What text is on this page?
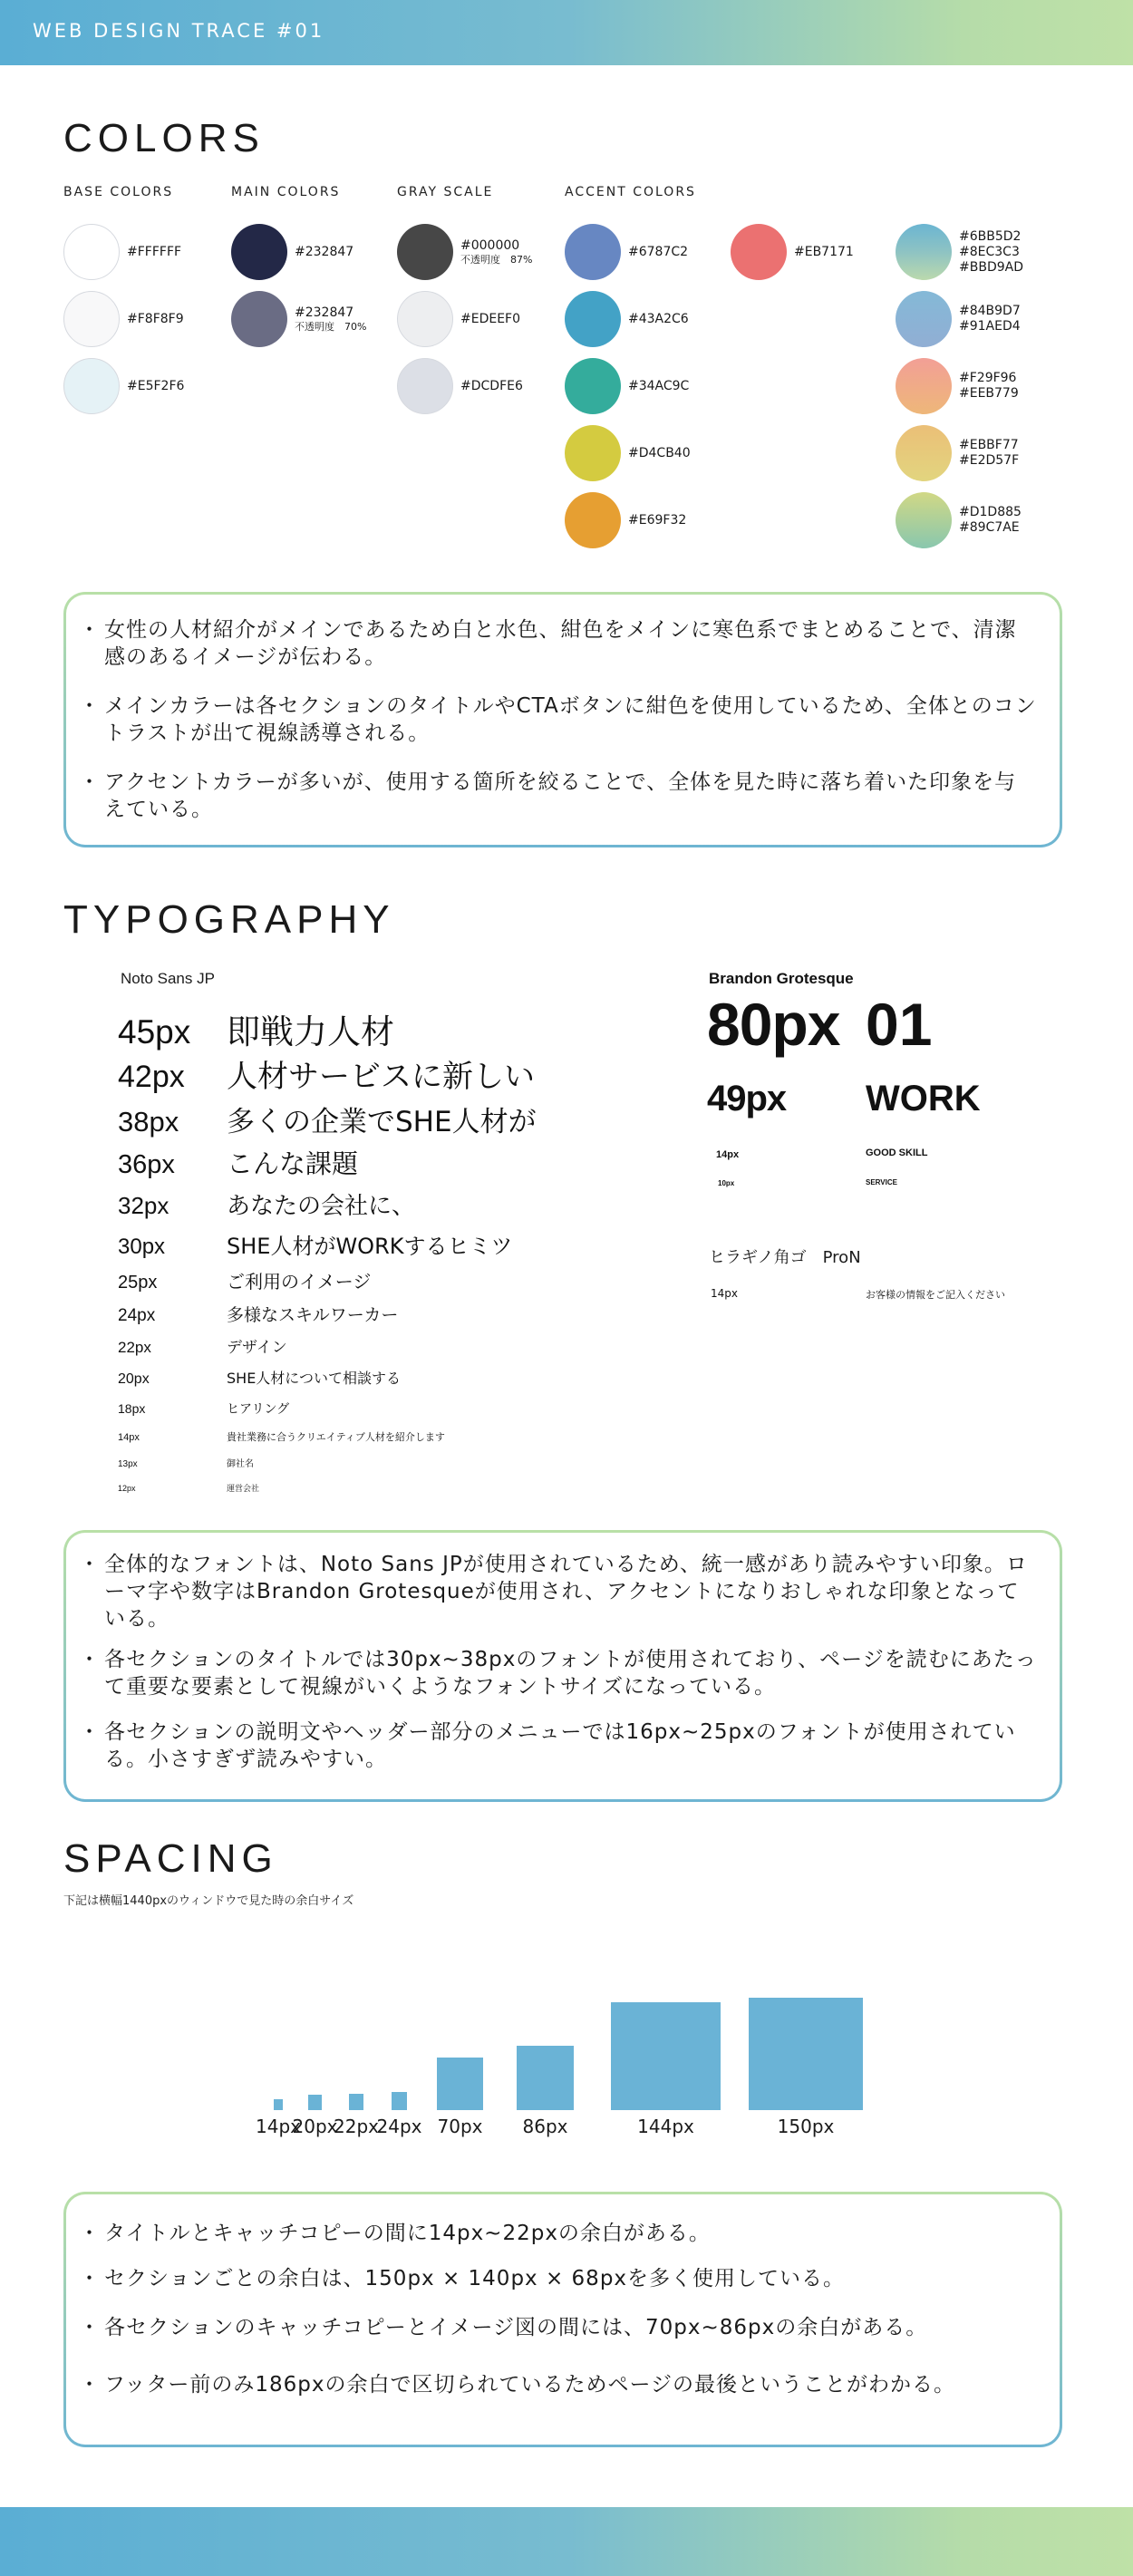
WEB DESIGN TRACE #01
COLORS
BASE COLORS	MAIN COLORS	GRAY SCALE	ACCENT COLORS
#FFFFFF
#F8F8F9
#E5F2F6
#232847
#232847
不透明度　70%
#000000
不透明度　87%
#EDEEF0
#DCDFE6
#6787C2
#43A2C6
#34AC9C
#D4CB40
#E69F32
#EB7171
#6BB5D2
#8EC3C3
#BBD9AD
#84B9D7
#91AED4
#F29F96
#EEB779
#EBBF77
#E2D57F
#D1D885
#89C7AE
・ 女性の人材紹介がメインであるため白と水色、紺色をメインに寒色系でまとめることで、清潔感のあるイメージが伝わる。
・ メインカラーは各セクションのタイトルやCTAボタンに紺色を使用しているため、全体とのコントラストが出て視線誘導される。
・ アクセントカラーが多いが、使用する箇所を絞ることで、全体を見た時に落ち着いた印象を与えている。
TYPOGRAPHY
Noto Sans JP
45px	即戦力人材
42px	人材サービスに新しい
38px	多くの企業でSHE人材が
36px	こんな課題
32px	あなたの会社に、
30px	SHE人材がWORKするヒミツ
25px	ご利用のイメージ
24px	多様なスキルワーカー
22px	デザイン
20px	SHE人材について相談する
18px	ヒアリング
14px	貴社業務に合うクリエイティブ人材を紹介します
13px	御社名
12px	運営会社
Brandon Grotesque
80px 01
49px WORK
14px	GOOD SKILL
10px	SERVICE
ヒラギノ角ゴ　ProN
14px	お客様の情報をご記入ください
・ 全体的なフォントは、Noto Sans JPが使用されているため、統一感があり読みやすい印象。ローマ字や数字はBrandon Grotesqueが使用され、アクセントになりおしゃれな印象となっている。
・ 各セクションのタイトルでは30px~38pxのフォントが使用されており、ページを読むにあたって重要な要素として視線がいくようなフォントサイズになっている。
・ 各セクションの説明文やヘッダー部分のメニューでは16px~25pxのフォントが使用されている。小さすぎず読みやすい。
SPACING
下記は横幅1440pxのウィンドウで見た時の余白サイズ
14px
20px
22px
24px 70px 86px	144px	150px
・ タイトルとキャッチコピーの間に14px~22pxの余白がある。
・ セクションごとの余白は、150px × 140px × 68pxを多く使用している。
・ 各セクションのキャッチコピーとイメージ図の間には、70px~86pxの余白がある。
・ フッター前のみ186pxの余白で区切られているためページの最後ということがわかる。
